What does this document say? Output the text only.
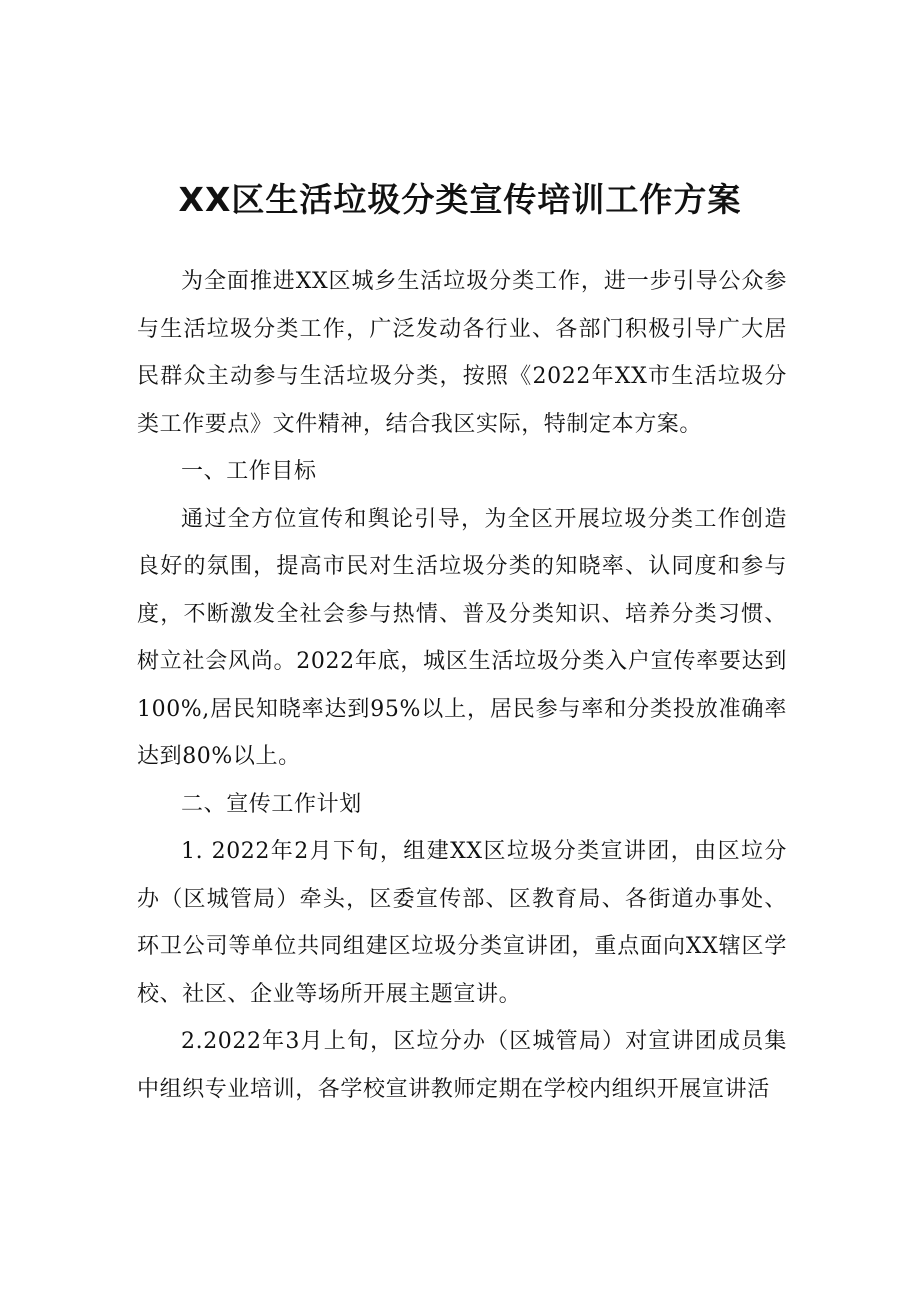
XX区生活垃圾分类宣传培训工作方案

为全面推进XX区城乡生活垃圾分类工作，进一步引导公众参与生活垃圾分类工作，广泛发动各行业、各部门积极引导广大居民群众主动参与生活垃圾分类，按照《2022年XX市生活垃圾分类工作要点》文件精神，结合我区实际，特制定本方案。

一、工作目标

通过全方位宣传和舆论引导，为全区开展垃圾分类工作创造良好的氛围，提高市民对生活垃圾分类的知晓率、认同度和参与度，不断激发全社会参与热情、普及分类知识、培养分类习惯、树立社会风尚。2022年底，城区生活垃圾分类入户宣传率要达到100%,居民知晓率达到95%以上，居民参与率和分类投放准确率达到80%以上。

二、宣传工作计划

1. 2022年2月下旬，组建XX区垃圾分类宣讲团，由区垃分办（区城管局）牵头，区委宣传部、区教育局、各街道办事处、环卫公司等单位共同组建区垃圾分类宣讲团，重点面向XX辖区学校、社区、企业等场所开展主题宣讲。

2.2022年3月上旬，区垃分办（区城管局）对宣讲团成员集中组织专业培训，各学校宣讲教师定期在学校内组织开展宣讲活
